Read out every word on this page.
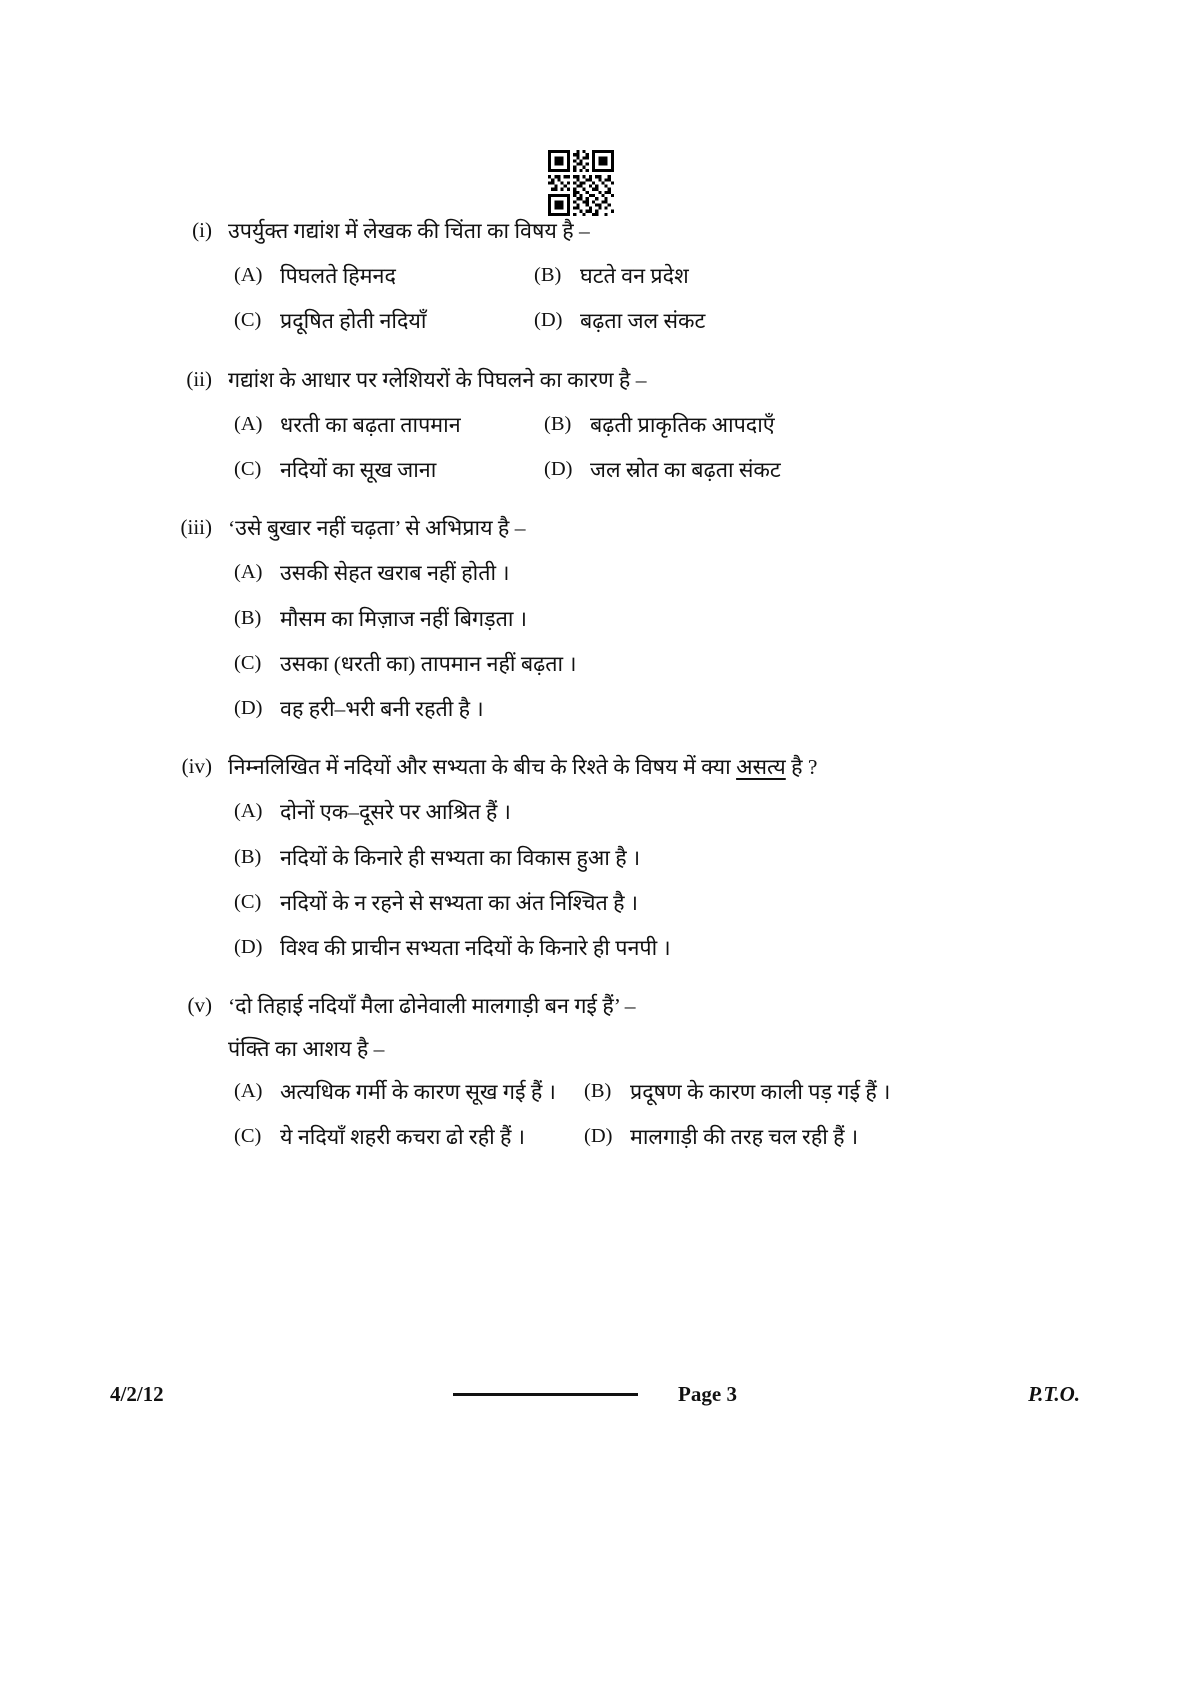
(i) उपर्युक्त गद्यांश में लेखक की चिंता का विषय है –
(A) पिघलते हिमनद	(B) घटते वन प्रदेश
(C) प्रदूषित होती नदियाँ	(D) बढ़ता जल संकट
(ii) गद्यांश के आधार पर ग्लेशियरों के पिघलने का कारण है –
(A) धरती का बढ़ता तापमान	(B) बढ़ती प्राकृतिक आपदाएँ
(C) नदियों का सूख जाना	(D) जल स्रोत का बढ़ता संकट
(iii) ‘उसे बुखार नहीं चढ़ता’ से अभिप्राय है –
(A) उसकी सेहत खराब नहीं होती ।
(B) मौसम का मिज़ाज नहीं बिगड़ता ।
(C) उसका (धरती का) तापमान नहीं बढ़ता ।
(D) वह हरी–भरी बनी रहती है ।
(iv) निम्नलिखित में नदियों और सभ्यता के बीच के रिश्ते के विषय में क्या असत्य है ?
(A) दोनों एक–दूसरे पर आश्रित हैं ।
(B) नदियों के किनारे ही सभ्यता का विकास हुआ है ।
(C) नदियों के न रहने से सभ्यता का अंत निश्चित है ।
(D) विश्व की प्राचीन सभ्यता नदियों के किनारे ही पनपी ।
(v) ‘दो तिहाई नदियाँ मैला ढोनेवाली मालगाड़ी बन गई हैं’ –
पंक्ति का आशय है –
(A) अत्यधिक गर्मी के कारण सूख गई हैं ।	(B) प्रदूषण के कारण काली पड़ गई हैं ।
(C) ये नदियाँ शहरी कचरा ढो रही हैं ।	(D) मालगाड़ी की तरह चल रही हैं ।
4/2/12	Page 3	P.T.O.
